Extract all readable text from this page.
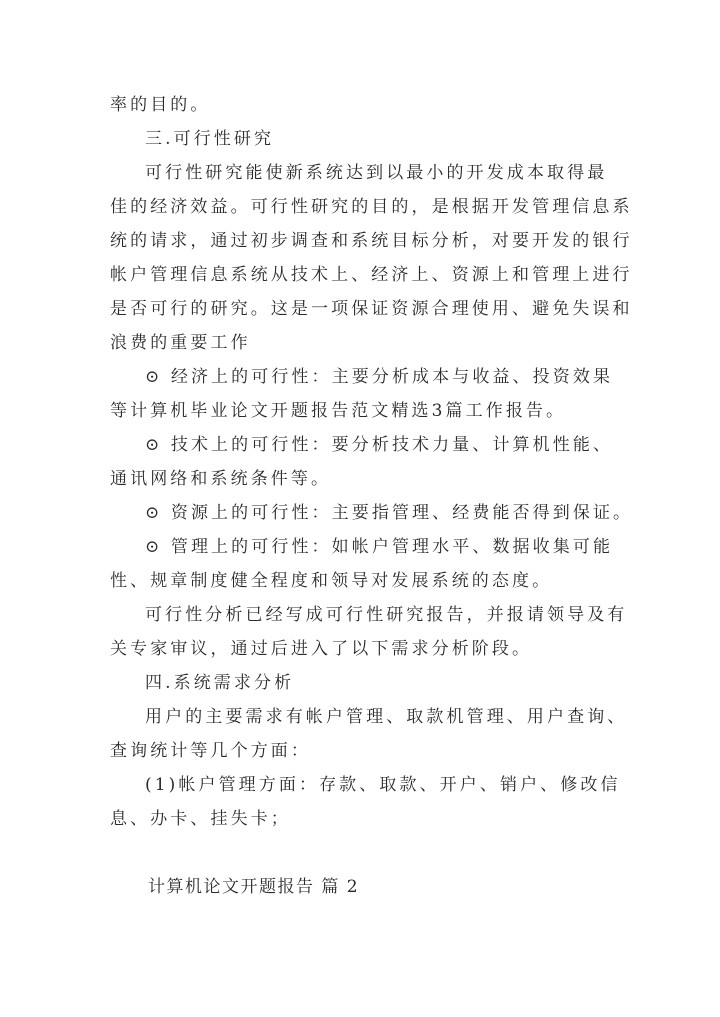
率的目的。
三.可行性研究
可行性研究能使新系统达到以最小的开发成本取得最
佳的经济效益。可行性研究的目的，是根据开发管理信息系
统的请求，通过初步调查和系统目标分析，对要开发的银行
帐户管理信息系统从技术上、经济上、资源上和管理上进行
是否可行的研究。这是一项保证资源合理使用、避免失误和
浪费的重要工作
⊙ 经济上的可行性：主要分析成本与收益、投资效果
等计算机毕业论文开题报告范文精选3篇工作报告。
⊙ 技术上的可行性：要分析技术力量、计算机性能、
通讯网络和系统条件等。
⊙ 资源上的可行性：主要指管理、经费能否得到保证。
⊙ 管理上的可行性：如帐户管理水平、数据收集可能
性、规章制度健全程度和领导对发展系统的态度。
可行性分析已经写成可行性研究报告，并报请领导及有
关专家审议，通过后进入了以下需求分析阶段。
四.系统需求分析
用户的主要需求有帐户管理、取款机管理、用户查询、
查询统计等几个方面：
(1)帐户管理方面：存款、取款、开户、销户、修改信
息、办卡、挂失卡；
计算机论文开题报告 篇 2
